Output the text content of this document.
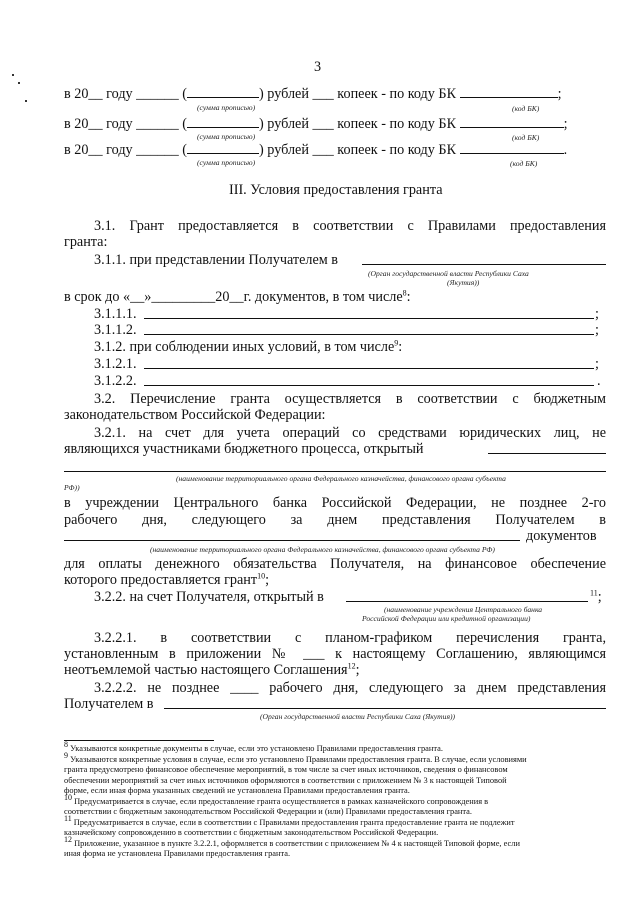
3
в 20__ году ______ (	) рублей ___ копеек - по коду БК	;
(сумма прописью)	(код БК)
в 20__ году ______ (	) рублей ___ копеек - по коду БК	;
(сумма прописью)	(код БК)
в 20__ году ______ (	) рублей ___ копеек - по коду БК	.
(сумма прописью)	(код БК)
III. Условия предоставления гранта
3.1. Грант предоставляется в соответствии с Правилами предоставления
гранта:
3.1.1. при представлении Получателем в
(Орган государственной власти Республики Саха
(Якутия))
в срок до «__»_________20__г. документов, в том числе$^8$:
3.1.1.1.	;
3.1.1.2.	;
3.1.2. при соблюдении иных условий, в том числе$^9$:
3.1.2.1.	;
3.1.2.2.	.
3.2. Перечисление гранта осуществляется в соответствии с бюджетным
законодательством Российской Федерации:
3.2.1. на счет для учета операций со средствами юридических лиц, не
являющихся участниками бюджетного процесса, открытый
(наименование территориального органа Федерального казначейства, финансового органа субъекта
РФ))
в учреждении Центрального банка Российской Федерации, не позднее 2-го
рабочего дня, следующего за днем представления Получателем в
документов
(наименование территориального органа Федерального казначейства, финансового органа субъекта РФ)
для оплаты денежного обязательства Получателя, на финансовое обеспечение
которого предоставляется грант$^{10}$;
3.2.2. на счет Получателя, открытый в	$^{11}$;
(наименование учреждения Центрального банка
Российской Федерации или кредитной организации)
3.2.2.1. в соответствии с планом-графиком перечисления гранта,
установленным в приложении № ___ к настоящему Соглашению, являющимся
неотъемлемой частью настоящего Соглашения$^{12}$;
3.2.2.2. не позднее ____ рабочего дня, следующего за днем представления
Получателем в
(Орган государственной власти Республики Саха (Якутия))
$^8$ Указываются конкретные документы в случае, если это установлено Правилами предоставления гранта.
$^9$ Указываются конкретные условия в случае, если это установлено Правилами предоставления гранта. В случае, если условиями
гранта предусмотрено финансовое обеспечение мероприятий, в том числе за счет иных источников, сведения о финансовом
обеспечении мероприятий за счет иных источников оформляются в соответствии с приложением № 3 к настоящей Типовой
форме, если иная форма указанных сведений не установлена Правилами предоставления гранта.
$^{10}$ Предусматривается в случае, если предоставление гранта осуществляется в рамках казначейского сопровождения в
соответствии с бюджетным законодательством Российской Федерации и (или) Правилами предоставления гранта.
$^{11}$ Предусматривается в случае, если в соответствии с Правилами предоставления гранта предоставление гранта не подлежит
казначейскому сопровождению в соответствии с бюджетным законодательством Российской Федерации.
$^{12}$ Приложение, указанное в пункте 3.2.2.1, оформляется в соответствии с приложением № 4 к настоящей Типовой форме, если
иная форма не установлена Правилами предоставления гранта.
